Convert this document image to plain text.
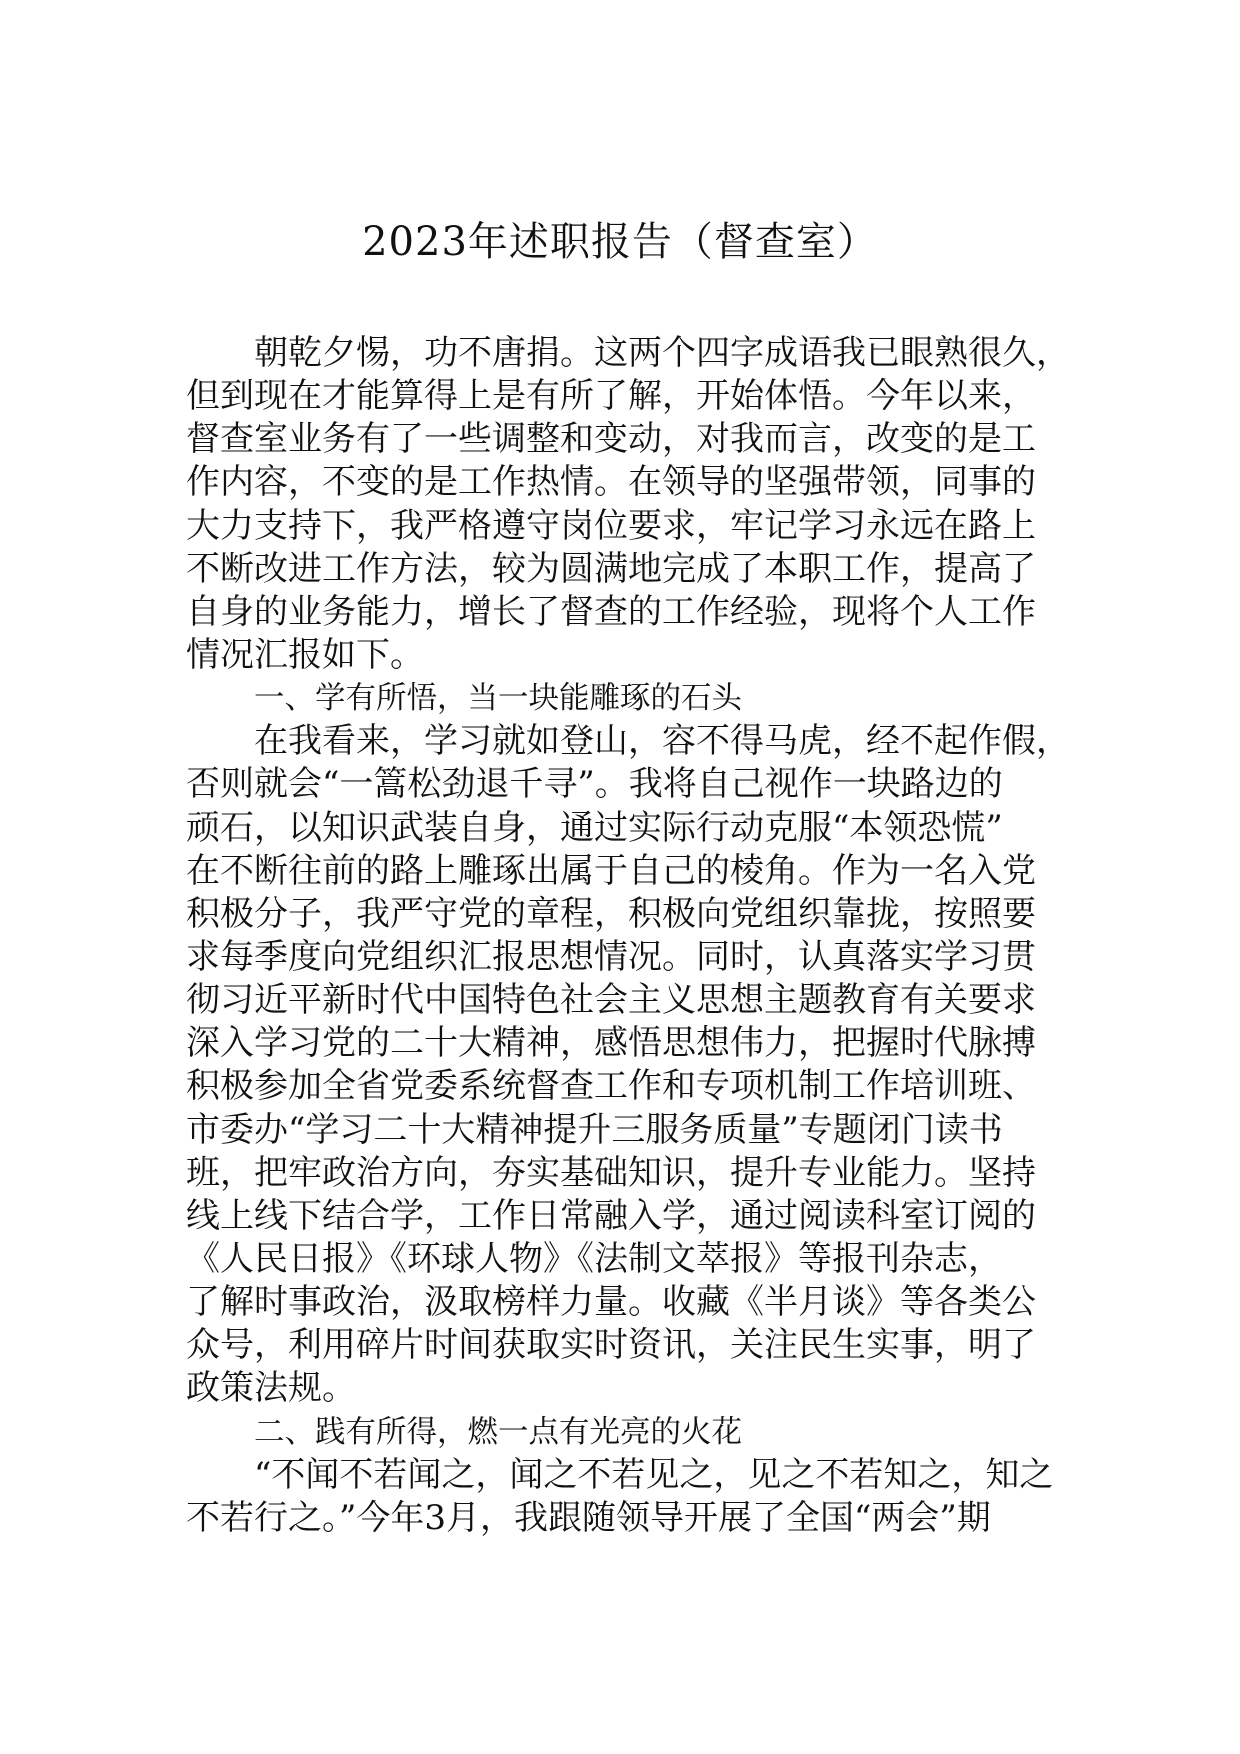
2023年述职报告（督查室）
朝乾夕惕，功不唐捐。这两个四字成语我已眼熟很久，
但到现在才能算得上是有所了解，开始体悟。今年以来，
督查室业务有了一些调整和变动，对我而言，改变的是工
作内容，不变的是工作热情。在领导的坚强带领，同事的
大力支持下，我严格遵守岗位要求，牢记学习永远在路上
不断改进工作方法，较为圆满地完成了本职工作，提高了
自身的业务能力，增长了督查的工作经验，现将个人工作
情况汇报如下。
一、学有所悟，当一块能雕琢的石头
在我看来，学习就如登山，容不得马虎，经不起作假，
否则就会“一篙松劲退千寻”。我将自己视作一块路边的
顽石，以知识武装自身，通过实际行动克服“本领恐慌”
在不断往前的路上雕琢出属于自己的棱角。作为一名入党
积极分子，我严守党的章程，积极向党组织靠拢，按照要
求每季度向党组织汇报思想情况。同时，认真落实学习贯
彻习近平新时代中国特色社会主义思想主题教育有关要求
深入学习党的二十大精神，感悟思想伟力，把握时代脉搏
积极参加全省党委系统督查工作和专项机制工作培训班、
市委办“学习二十大精神提升三服务质量”专题闭门读书
班，把牢政治方向，夯实基础知识，提升专业能力。坚持
线上线下结合学，工作日常融入学，通过阅读科室订阅的
《人民日报》《环球人物》《法制文萃报》等报刊杂志，
了解时事政治，汲取榜样力量。收藏《半月谈》等各类公
众号，利用碎片时间获取实时资讯，关注民生实事，明了
政策法规。
二、践有所得，燃一点有光亮的火花
“不闻不若闻之，闻之不若见之，见之不若知之，知之
不若行之。”今年3月，我跟随领导开展了全国“两会”期
